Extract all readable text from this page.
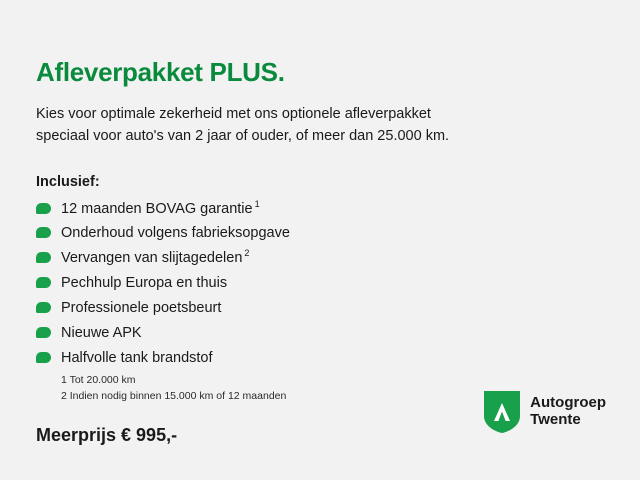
Afleverpakket PLUS.

Kies voor optimale zekerheid met ons optionele afleverpakket
speciaal voor auto's van 2 jaar of ouder, of meer dan 25.000 km.

Inclusief:
12 maanden BOVAG garantie $^1$
Onderhoud volgens fabrieksopgave
Vervangen van slijtagedelen $^2$
Pechhulp Europa en thuis
Professionele poetsbeurt
Nieuwe APK
Halfvolle tank brandstof
1 Tot 20.000 km
2 Indien nodig binnen 15.000 km of 12 maanden
Meerprijs € 995,-
Autogroep
Twente
